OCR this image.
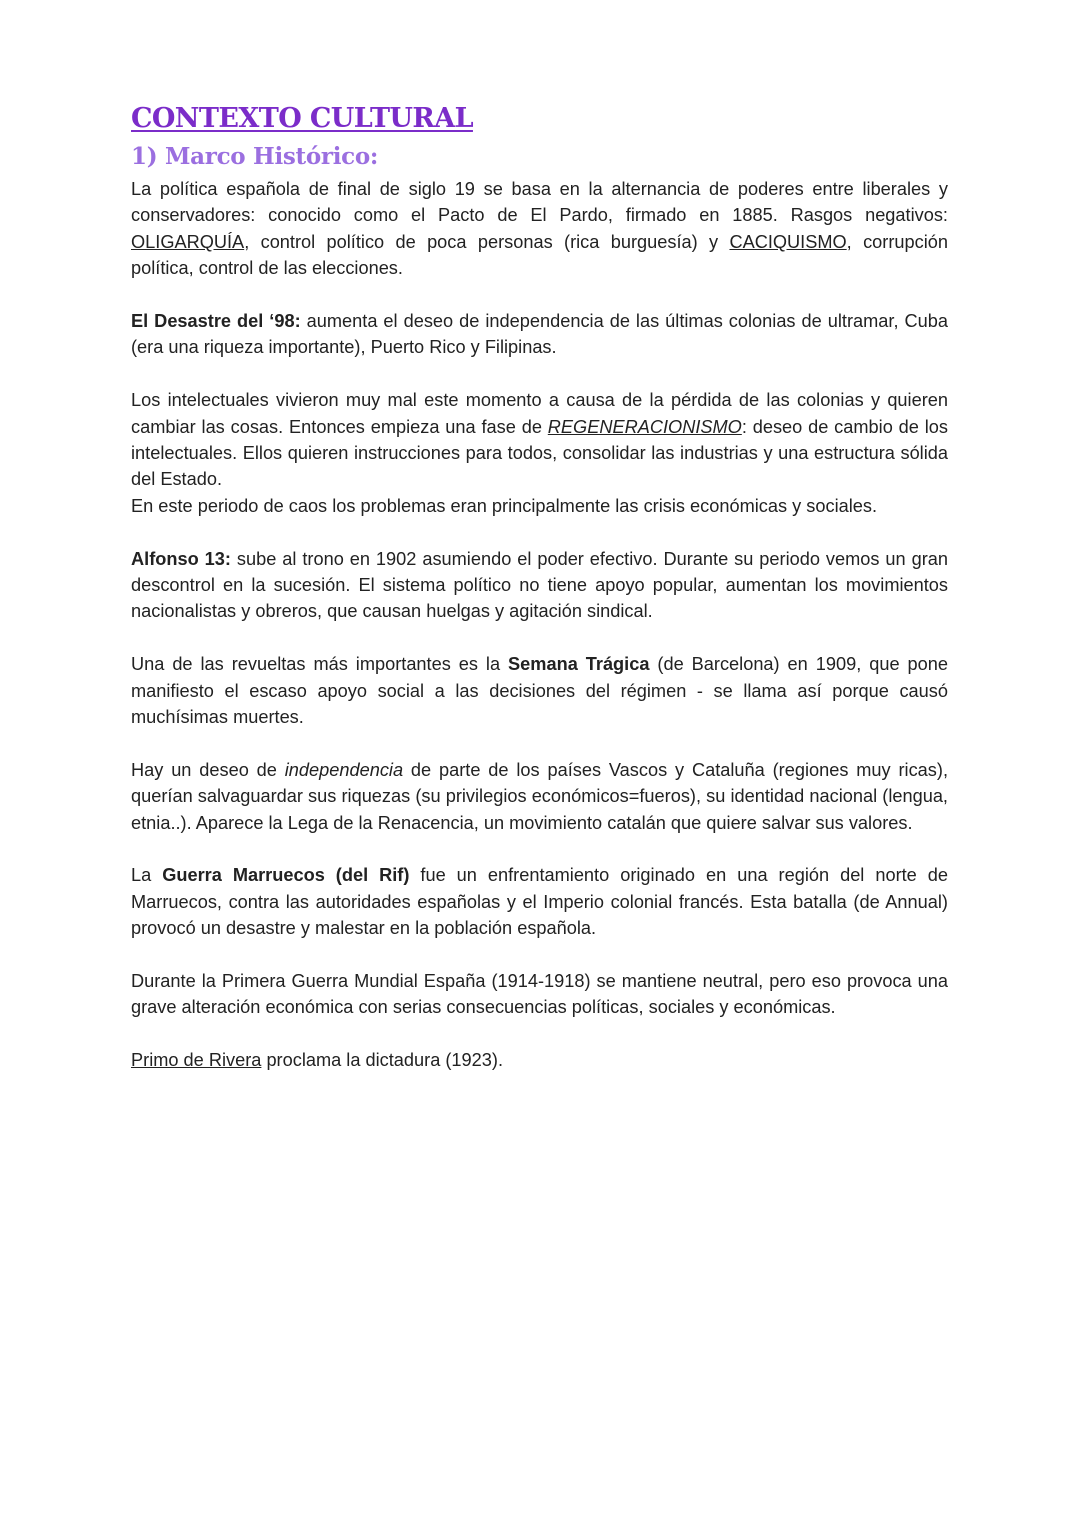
CONTEXTO CULTURAL
1) Marco Histórico:

La política española de final de siglo 19 se basa en la alternancia de poderes entre liberales y conservadores: conocido como el Pacto de El Pardo, firmado en 1885. Rasgos negativos: OLIGARQUÍA, control político de poca personas (rica burguesía) y CACIQUISMO, corrupción política, control de las elecciones.

El Desastre del ‘98: aumenta el deseo de independencia de las últimas colonias de ultramar, Cuba (era una riqueza importante), Puerto Rico y Filipinas.

Los intelectuales vivieron muy mal este momento a causa de la pérdida de las colonias y quieren cambiar las cosas. Entonces empieza una fase de REGENERACIONISMO: deseo de cambio de los intelectuales. Ellos quieren instrucciones para todos, consolidar las industrias y una estructura sólida del Estado.

En este periodo de caos los problemas eran principalmente las crisis económicas y sociales.

Alfonso 13: sube al trono en 1902 asumiendo el poder efectivo. Durante su periodo vemos un gran descontrol en la sucesión. El sistema político no tiene apoyo popular, aumentan los movimientos nacionalistas y obreros, que causan huelgas y agitación sindical.

Una de las revueltas más importantes es la Semana Trágica (de Barcelona) en 1909, que pone manifiesto el escaso apoyo social a las decisiones del régimen - se llama así porque causó muchísimas muertes.

Hay un deseo de independencia de parte de los países Vascos y Cataluña (regiones muy ricas), querían salvaguardar sus riquezas (su privilegios económicos=fueros), su identidad nacional (lengua, etnia..). Aparece la Lega de la Renacencia, un movimiento catalán que quiere salvar sus valores.

La Guerra Marruecos (del Rif) fue un enfrentamiento originado en una región del norte de Marruecos, contra las autoridades españolas y el Imperio colonial francés. Esta batalla (de Annual) provocó un desastre y malestar en la población española.

Durante la Primera Guerra Mundial España (1914-1918) se mantiene neutral, pero eso provoca una grave alteración económica con serias consecuencias políticas, sociales y económicas.

Primo de Rivera proclama la dictadura (1923).
